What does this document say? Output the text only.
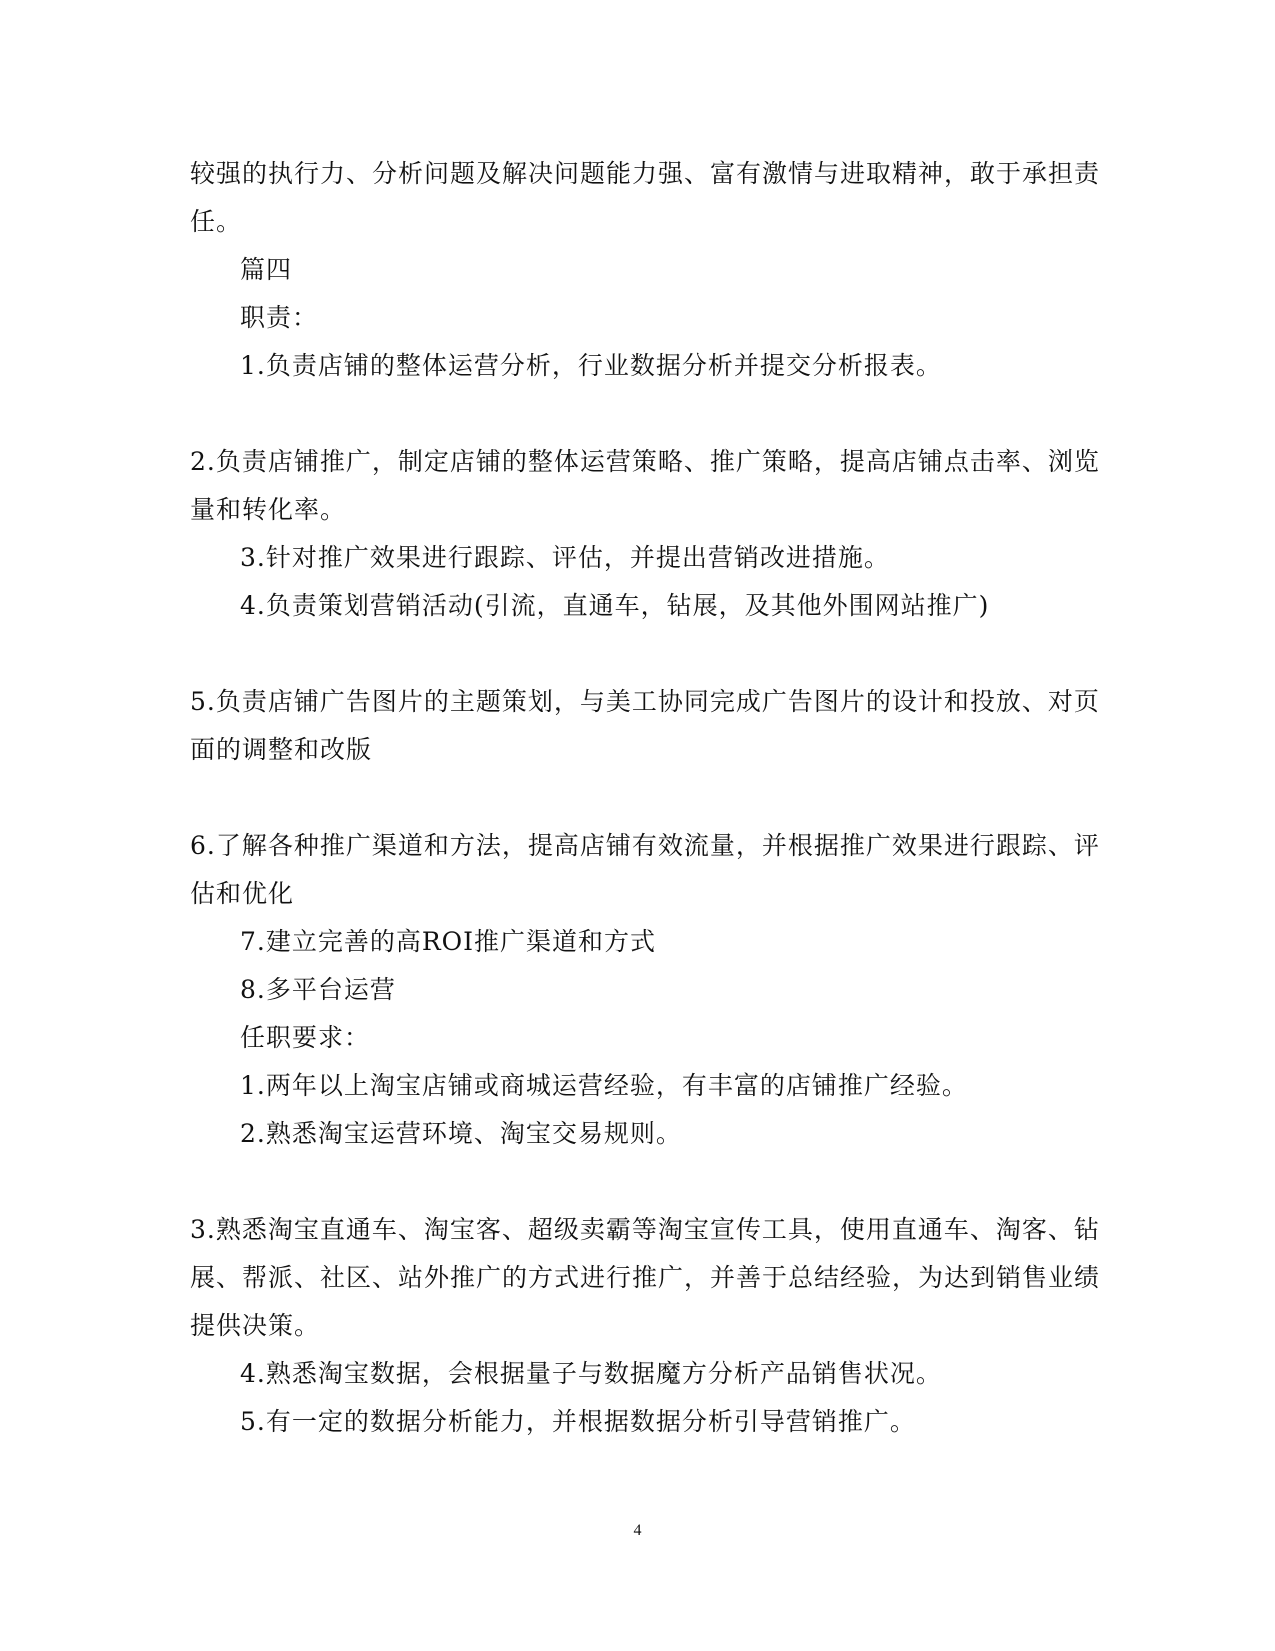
较强的执行力、分析问题及解决问题能力强、富有激情与进取精神，敢于承担责
任。
篇四
职责：
1.负责店铺的整体运营分析，行业数据分析并提交分析报表。
2.负责店铺推广，制定店铺的整体运营策略、推广策略，提高店铺点击率、浏览
量和转化率。
3.针对推广效果进行跟踪、评估，并提出营销改进措施。
4.负责策划营销活动(引流，直通车，钻展，及其他外围网站推广)
5.负责店铺广告图片的主题策划，与美工协同完成广告图片的设计和投放、对页
面的调整和改版
6.了解各种推广渠道和方法，提高店铺有效流量，并根据推广效果进行跟踪、评
估和优化
7.建立完善的高ROI推广渠道和方式
8.多平台运营
任职要求：
1.两年以上淘宝店铺或商城运营经验，有丰富的店铺推广经验。
2.熟悉淘宝运营环境、淘宝交易规则。
3.熟悉淘宝直通车、淘宝客、超级卖霸等淘宝宣传工具，使用直通车、淘客、钻
展、帮派、社区、站外推广的方式进行推广，并善于总结经验，为达到销售业绩
提供决策。
4.熟悉淘宝数据，会根据量子与数据魔方分析产品销售状况。
5.有一定的数据分析能力，并根据数据分析引导营销推广。
4
